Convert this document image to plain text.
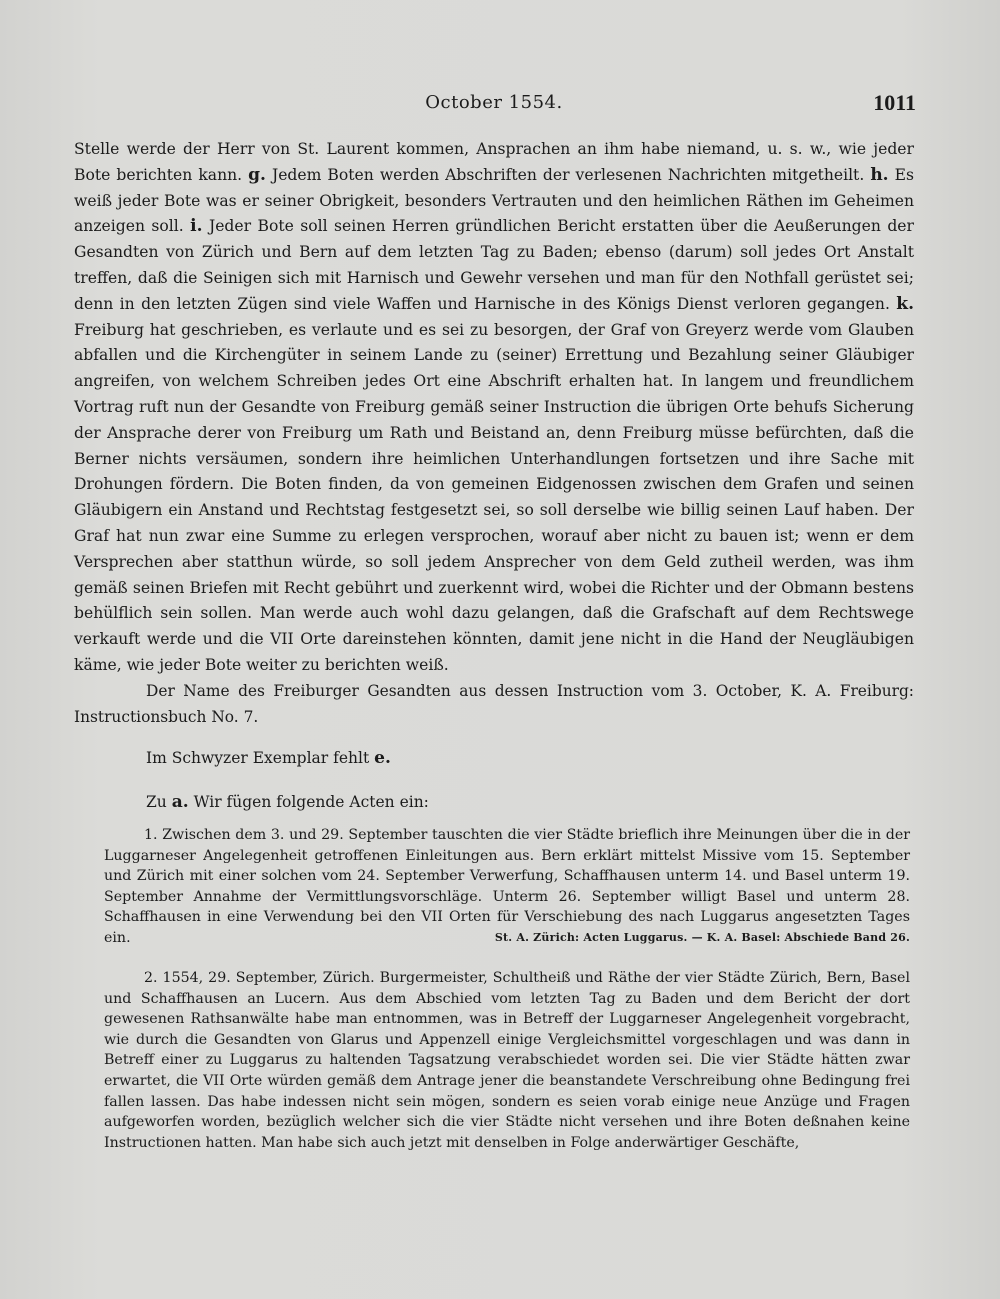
October 1554.	1011

Stelle werde der Herr von St. Laurent kommen, Ansprachen an ihm habe niemand, u. s. w., wie jeder Bote berichten kann. g. Jedem Boten werden Abschriften der verlesenen Nachrichten mitgetheilt. h. Es weiß jeder Bote was er seiner Obrigkeit, besonders Vertrauten und den heimlichen Räthen im Geheimen anzeigen soll. i. Jeder Bote soll seinen Herren gründlichen Bericht erstatten über die Aeußerungen der Gesandten von Zürich und Bern auf dem letzten Tag zu Baden; ebenso (darum) soll jedes Ort Anstalt treffen, daß die Seinigen sich mit Harnisch und Gewehr versehen und man für den Nothfall gerüstet sei; denn in den letzten Zügen sind viele Waffen und Harnische in des Königs Dienst verloren gegangen. k. Freiburg hat geschrieben, es verlaute und es sei zu besorgen, der Graf von Greyerz werde vom Glauben abfallen und die Kirchengüter in seinem Lande zu (seiner) Errettung und Bezahlung seiner Gläubiger angreifen, von welchem Schreiben jedes Ort eine Abschrift erhalten hat. In langem und freundlichem Vortrag ruft nun der Gesandte von Freiburg gemäß seiner Instruction die übrigen Orte behufs Sicherung der Ansprache derer von Freiburg um Rath und Beistand an, denn Freiburg müsse befürchten, daß die Berner nichts versäumen, sondern ihre heimlichen Unterhandlungen fortsetzen und ihre Sache mit Drohungen fördern. Die Boten finden, da von gemeinen Eidgenossen zwischen dem Grafen und seinen Gläubigern ein Anstand und Rechtstag festgesetzt sei, so soll derselbe wie billig seinen Lauf haben. Der Graf hat nun zwar eine Summe zu erlegen versprochen, worauf aber nicht zu bauen ist; wenn er dem Versprechen aber statthun würde, so soll jedem Ansprecher von dem Geld zutheil werden, was ihm gemäß seinen Briefen mit Recht gebührt und zuerkennt wird, wobei die Richter und der Obmann bestens behülflich sein sollen. Man werde auch wohl dazu gelangen, daß die Grafschaft auf dem Rechtswege verkauft werde und die VII Orte dareinstehen könnten, damit jene nicht in die Hand der Neugläubigen käme, wie jeder Bote weiter zu berichten weiß.

Der Name des Freiburger Gesandten aus dessen Instruction vom 3. October, K. A. Freiburg: Instructionsbuch No. 7.
Im Schwyzer Exemplar fehlt e.
Zu a. Wir fügen folgende Acten ein:
1. Zwischen dem 3. und 29. September tauschten die vier Städte brieflich ihre Meinungen über die in der Luggarneser Angelegenheit getroffenen Einleitungen aus. Bern erklärt mittelst Missive vom 15. September und Zürich mit einer solchen vom 24. September Verwerfung, Schaffhausen unterm 14. und Basel unterm 19. September Annahme der Vermittlungsvorschläge. Unterm 26. September willigt Basel und unterm 28. Schaffhausen in eine Verwendung bei den VII Orten für Verschiebung des nach Luggarus angesetzten Tages ein.	St. A. Zürich: Acten Luggarus. — K. A. Basel: Abschiede Band 26.
2. 1554, 29. September, Zürich. Burgermeister, Schultheiß und Räthe der vier Städte Zürich, Bern, Basel und Schaffhausen an Lucern. Aus dem Abschied vom letzten Tag zu Baden und dem Bericht der dort gewesenen Rathsanwälte habe man entnommen, was in Betreff der Luggarneser Angelegenheit vorgebracht, wie durch die Gesandten von Glarus und Appenzell einige Vergleichsmittel vorgeschlagen und was dann in Betreff einer zu Luggarus zu haltenden Tagsatzung verabschiedet worden sei. Die vier Städte hätten zwar erwartet, die VII Orte würden gemäß dem Antrage jener die beanstandete Verschreibung ohne Bedingung frei fallen lassen. Das habe indessen nicht sein mögen, sondern es seien vorab einige neue Anzüge und Fragen aufgeworfen worden, bezüglich welcher sich die vier Städte nicht versehen und ihre Boten deßnahen keine Instructionen hatten. Man habe sich auch jetzt mit denselben in Folge anderwärtiger Geschäfte,
